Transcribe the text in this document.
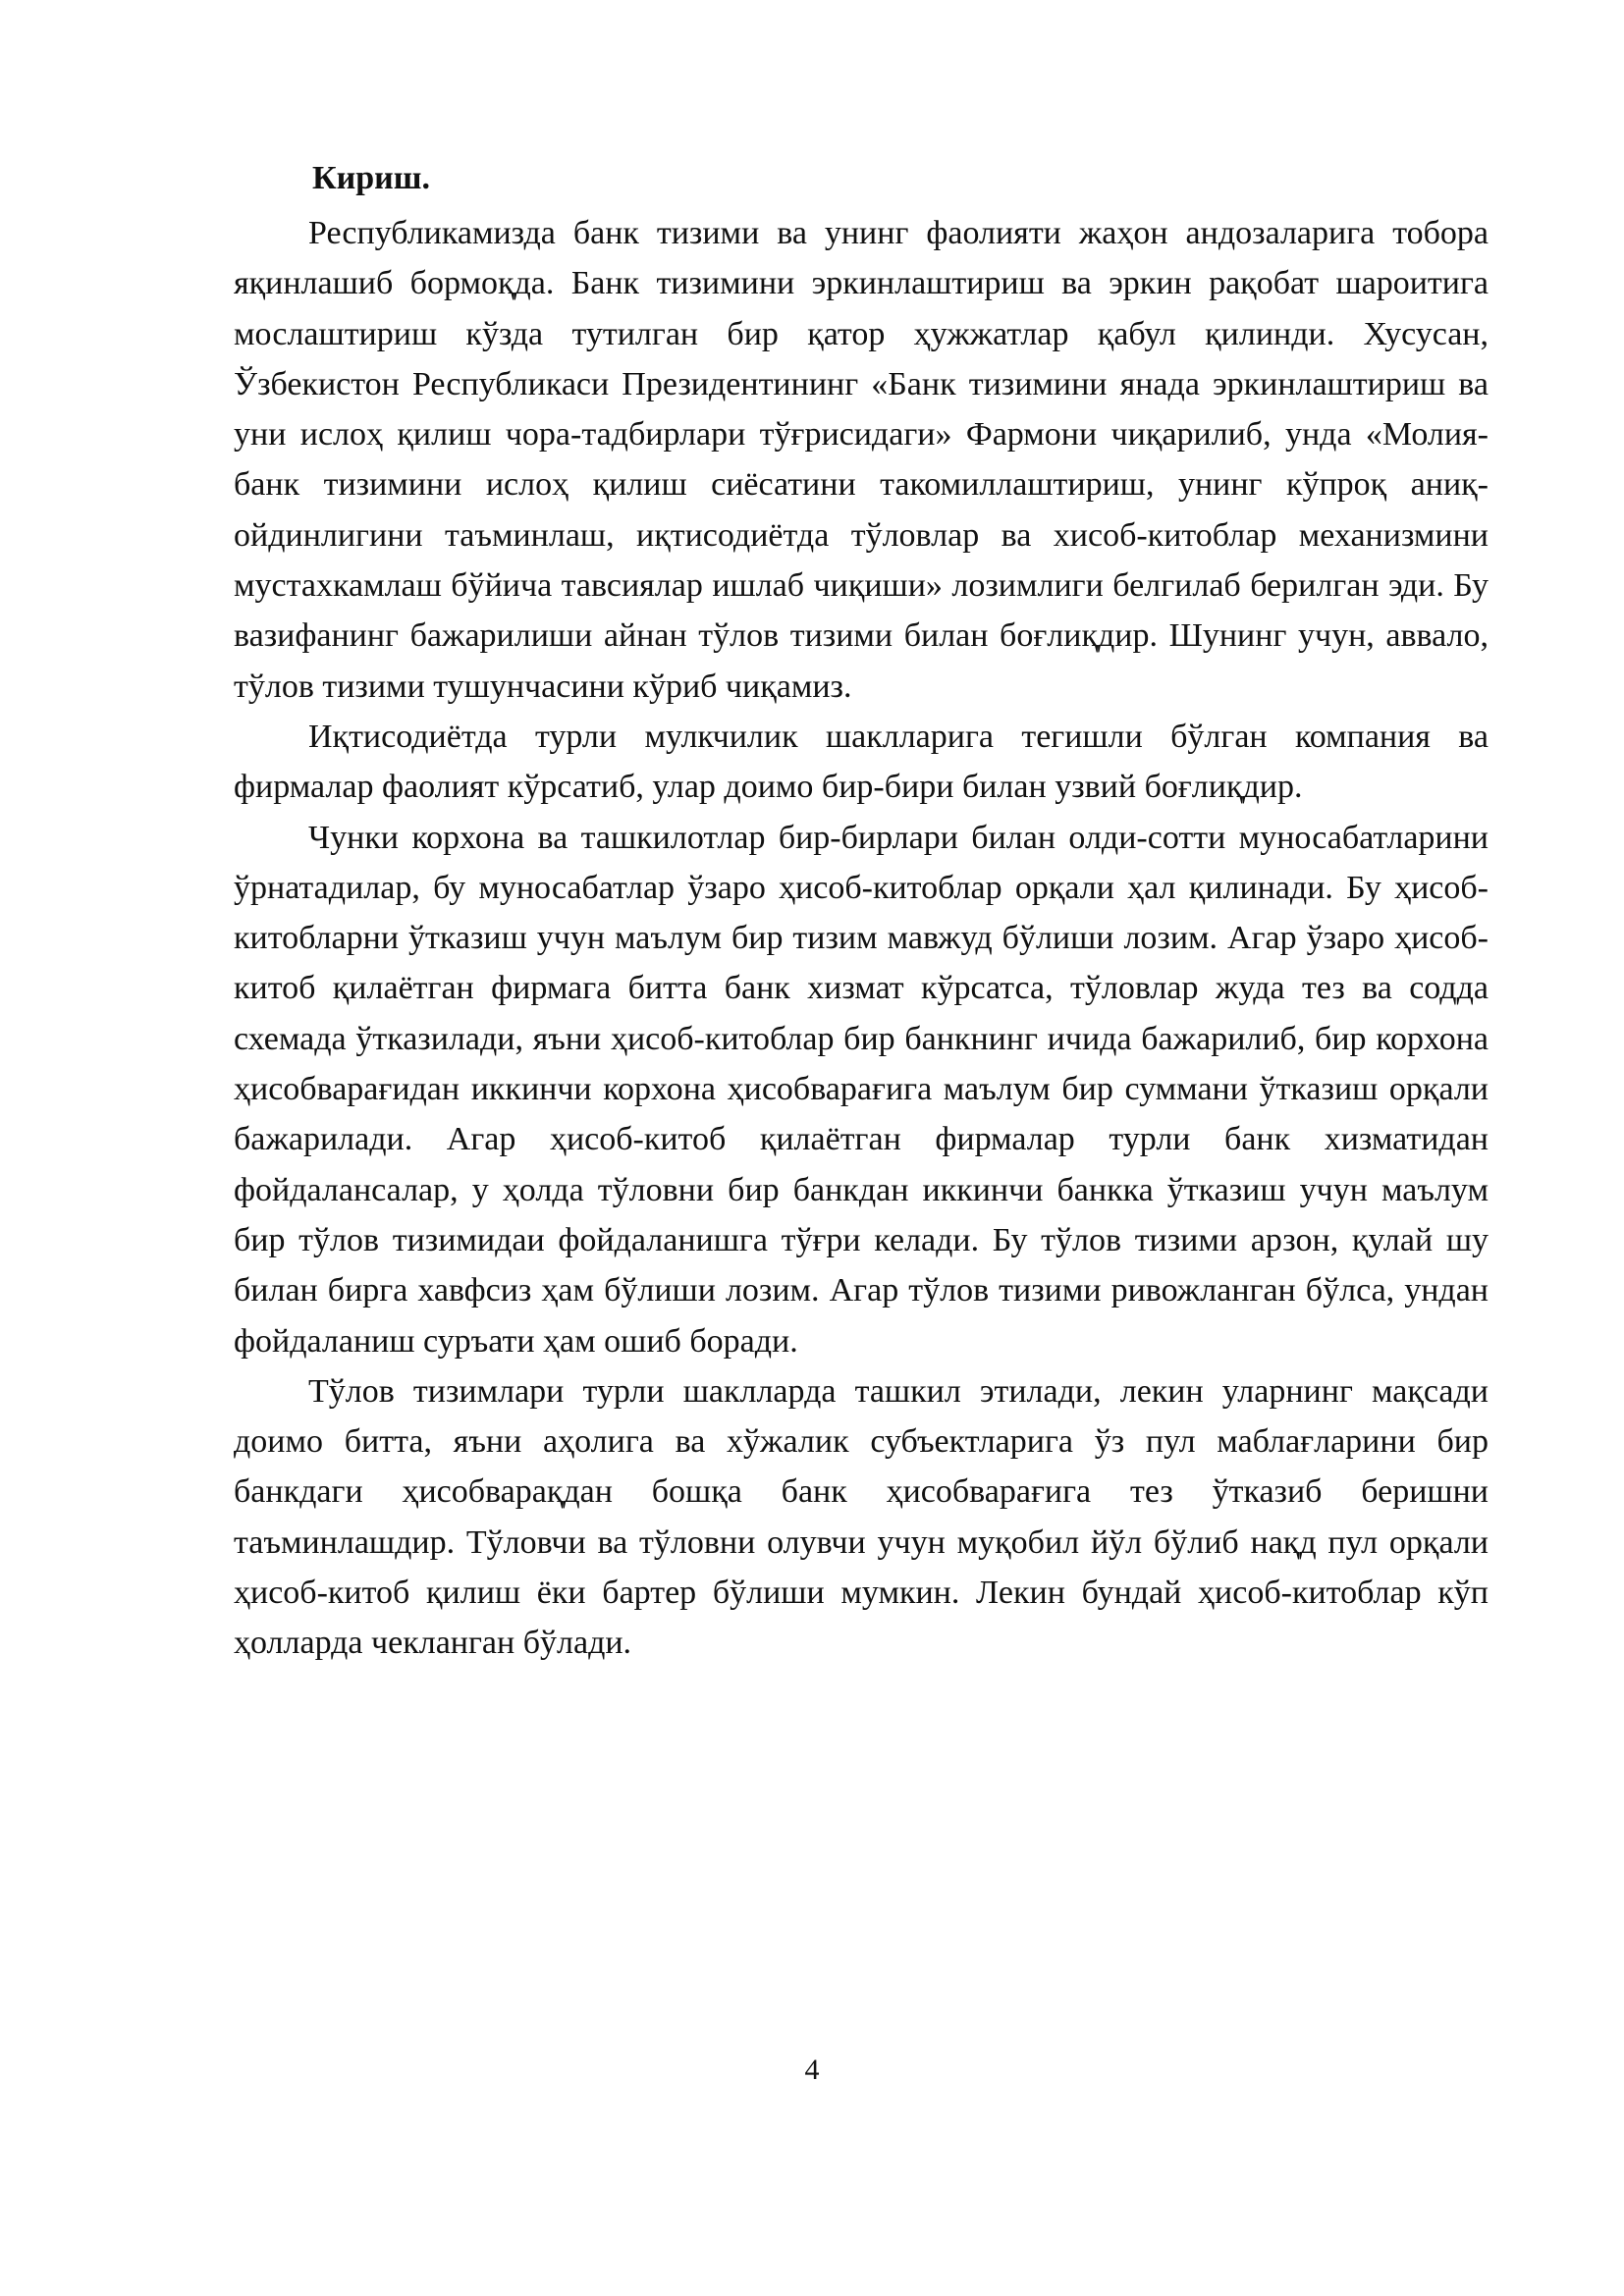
Кириш.

Республикамизда банк тизими ва унинг фаолияти жаҳон андозаларига тобора яқинлашиб бормоқда. Банк тизимини эркинлаштириш ва эркин рақобат шароитига мослаштириш кўзда тутилган бир қатор ҳужжатлар қабул қилинди. Хусусан, Ўзбекистон Республикаси Президентининг «Банк тизимини янада эркинлаштириш ва уни ислоҳ қилиш чора-тадбирлари тўғрисидаги» Фармони чиқарилиб, унда «Молия-банк тизимини ислоҳ қилиш сиёсатини такомиллаштириш, унинг кўпроқ аниқ-ойдинлигини таъминлаш, иқтисодиётда тўловлар ва хисоб-китоблар механизмини мустахкамлаш бўйича тавсиялар ишлаб чиқиши» лозимлиги белгилаб берилган эди. Бу вазифанинг бажарилиши айнан тўлов тизими билан боғлиқдир. Шунинг учун, аввало, тўлов тизими тушунчасини кўриб чиқамиз.

Иқтисодиётда турли мулкчилик шаклларига тегишли бўлган компания ва фирмалар фаолият кўрсатиб, улар доимо бир-бири билан узвий боғлиқдир.

Чунки корхона ва ташкилотлар бир-бирлари билан олди-сотти муносабатларини ўрнатадилар, бу муносабатлар ўзаро ҳисоб-китоблар орқали ҳал қилинади. Бу ҳисоб-китобларни ўтказиш учун маълум бир тизим мавжуд бўлиши лозим. Агар ўзаро ҳисоб-китоб қилаётган фирмага битта банк хизмат кўрсатса, тўловлар жуда тез ва содда схемада ўтказилади, яъни ҳисоб-китоблар бир банкнинг ичида бажарилиб, бир корхона ҳисобварағидан иккинчи корхона ҳисобварағига маълум бир суммани ўтказиш орқали бажарилади. Агар ҳисоб-китоб қилаётган фирмалар турли банк хизматидан фойдалансалар, у ҳолда тўловни бир банкдан иккинчи банкка ўтказиш учун маълум бир тўлов тизимидаи фойдаланишга тўғри келади. Бу тўлов тизими арзон, қулай шу билан бирга хавфсиз ҳам бўлиши лозим. Агар тўлов тизими ривожланган бўлса, ундан фойдаланиш суръати ҳам ошиб боради.

Тўлов тизимлари турли шаклларда ташкил этилади, лекин уларнинг мақсади доимо битта, яъни аҳолига ва хўжалик субъектларига ўз пул маблағларини бир банкдаги ҳисобварақдан бошқа банк ҳисобварағига тез ўтказиб беришни таъминлашдир. Тўловчи ва тўловни олувчи учун муқобил йўл бўлиб нақд пул орқали ҳисоб-китоб қилиш ёки бартер бўлиши мумкин. Лекин бундай ҳисоб-китоблар кўп ҳолларда чекланган бўлади.

4
